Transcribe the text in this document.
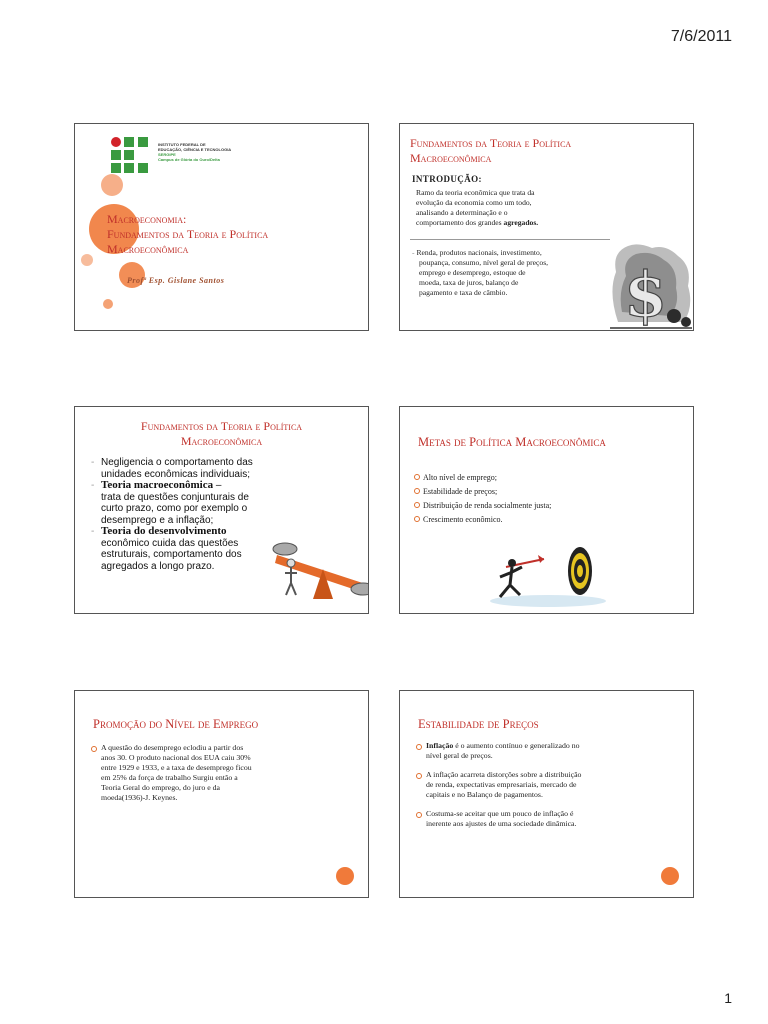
7/6/2011
INSTITUTO FEDERAL DE
EDUCAÇÃO, CIÊNCIA E TECNOLOGIA
SERGIPE
Campus de Glória do Ouro/Delta
Macroeconomia:
Fundamentos da Teoria e Política
Macroeconômica
Profª Esp. Gislane Santos
Fundamentos da Teoria e Política
Macroeconômica
INTRODUÇÃO:
Ramo da teoria econômica que trata da
evolução da economia como um todo,
analisando a determinação e o
comportamento dos grandes agregados.
- Renda, produtos nacionais, investimento,
poupança, consumo, nível geral de preços,
emprego e desemprego, estoque de
moeda, taxa de juros, balanço de
pagamento e taxa de câmbio.	$
Fundamentos da Teoria e Política
Macroeconômica
- Negligencia o comportamento das
unidades econômicas individuais;
- Teoria macroeconômica –
trata de questões conjunturais de
curto prazo, como por exemplo o
desemprego e a inflação;
- Teoria do desenvolvimento
econômico cuida das questões
estruturais, comportamento dos
agregados a longo prazo.
Metas de Política Macroeconômica
Alto nível de emprego;
Estabilidade de preços;
Distribuição de renda socialmente justa;
Crescimento econômico.
Promoção do Nível de Emprego
A questão do desemprego eclodiu a partir dos
anos 30. O produto nacional dos EUA caiu 30%
entre 1929 e 1933, e a taxa de desemprego ficou
em 25% da força de trabalho Surgiu então a
Teoria Geral do emprego, do juro e da
moeda(1936)-J. Keynes.
Estabilidade de Preços
Inflação é o aumento contínuo e generalizado no
nível geral de preços.
A inflação acarreta distorções sobre a distribuição
de renda, expectativas empresariais, mercado de
capitais e no Balanço de pagamentos.
Costuma-se aceitar que um pouco de inflação é
inerente aos ajustes de uma sociedade dinâmica.
1
